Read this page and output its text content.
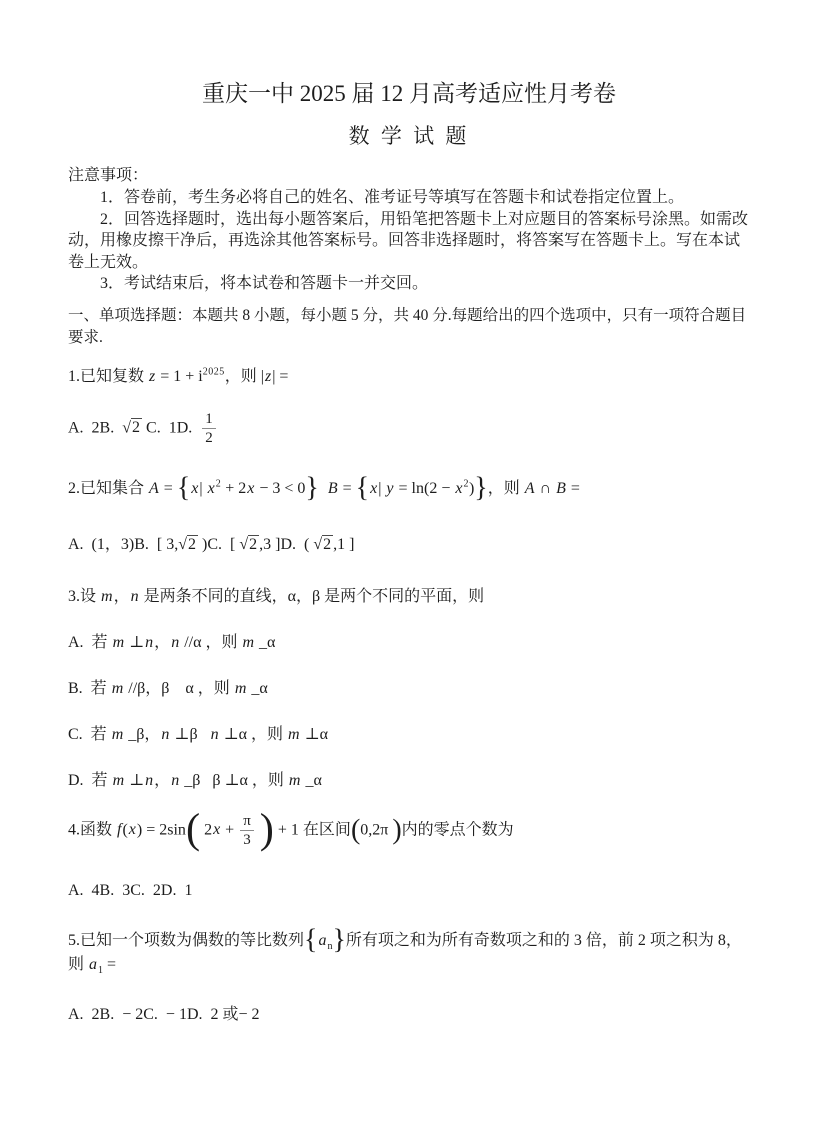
重庆一中 2025 届 12 月高考适应性月考卷
数 学 试 题

注意事项：

1．答卷前，考生务必将自己的姓名、准考证号等填写在答题卡和试卷指定位置上。

2．回答选择题时，选出每小题答案后，用铅笔把答题卡上对应题目的答案标号涂黑。如需改动，用橡皮擦干净后，再选涂其他答案标号。回答非选择题时，将答案写在答题卡上。写在本试卷上无效。

3．考试结束后，将本试卷和答题卡一并交回。

一、单项选择题：本题共 8 小题，每小题 5 分，共 40 分.每题给出的四个选项中，只有一项符合题目要求.

1.已知复数 $z = 1 + i^{2025}$，则 |z| =

A.  2B.  √2 C.  1D. $\frac{1}{2}$

2.已知集合 A = {x| $x^2 + 2x - 3 < 0$} B = {x| $y = \ln(2 - x^2)$}，则 A ∩ B =

A.  (1，3)B.  [ 3,√2 )C.  [ √2 ,3 ]D.  ( √2 ,1 ]

3.设 m，n 是两条不同的直线，α，β 是两个不同的平面，则

A.  若 m ⊥n，n //α ，则 m _α

B.  若 m //β，β    α ，则 m _α

C.  若 m _β，n ⊥β   n ⊥α ，则 m ⊥α

D.  若 m ⊥n，n _β   β ⊥α ，则 m _α

4.函数 f(x) = 2sin( $2x + \frac{\pi}{3}$ ) + 1 在区间(0,2π )内的零点个数为

A.  4B.  3C.  2D.  1

5.已知一个项数为偶数的等比数列$\{a_n\}$所有项之和为所有奇数项之和的 3 倍，前 2 项之积为 8，则 $a_1$ =

A.  2B.  − 2C.  − 1D.  2 或− 2
